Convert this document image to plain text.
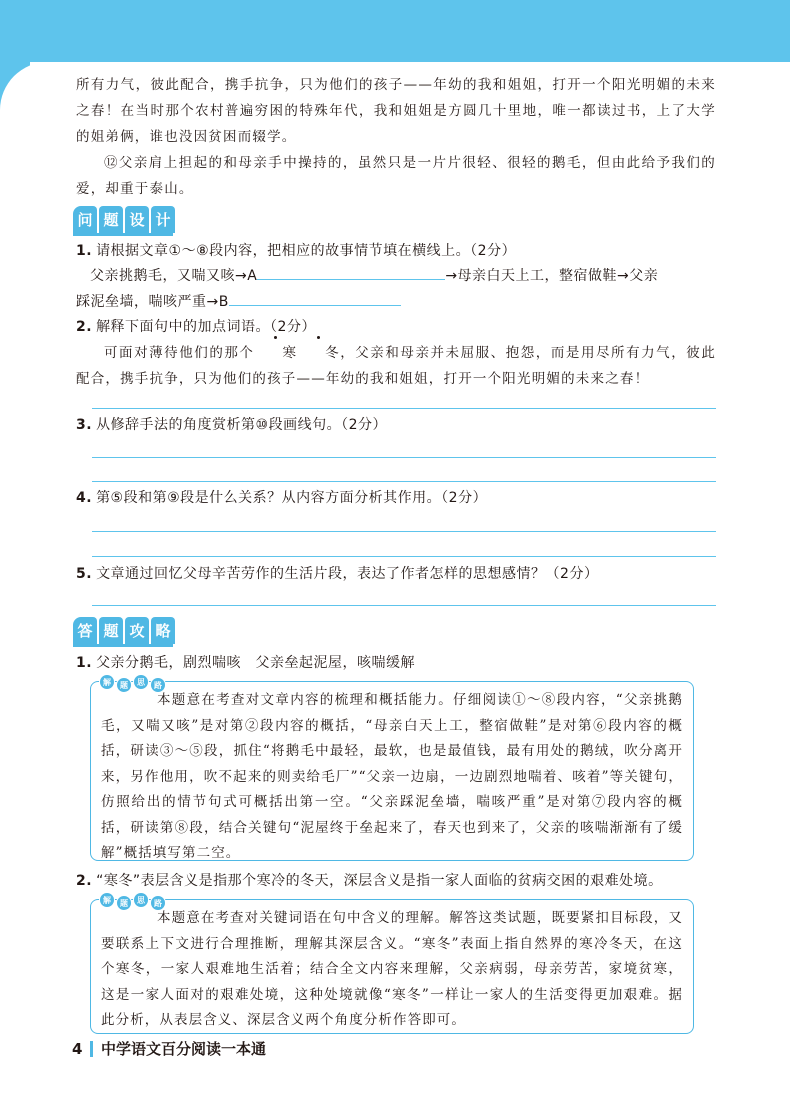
所有力气，彼此配合，携手抗争，只为他们的孩子——年幼的我和姐姐，打开一个阳光明媚的未来之春！在当时那个农村普遍穷困的特殊年代，我和姐姐是方圆几十里地，唯一都读过书，上了大学的姐弟俩，谁也没因贫困而辍学。
⑫父亲肩上担起的和母亲手中操持的，虽然只是一片片很轻、很轻的鹅毛，但由此给予我们的爱，却重于泰山。
问 题 设 计
1. 请根据文章①～⑧段内容，把相应的故事情节填在横线上。（2分）
父亲挑鹅毛，又喘又咳→A	→母亲白天上工，整宿做鞋→父亲
踩泥垒墙，喘咳严重→B
2. 解释下面句中的加点词语。（2分）
可面对薄待他们的那个 寒 冬，父亲和母亲并未屈服、抱怨，而是用尽所有力气，彼此配合，携手抗争，只为他们的孩子——年幼的我和姐姐，打开一个阳光明媚的未来之春！
3. 从修辞手法的角度赏析第⑩段画线句。（2分）
4. 第⑤段和第⑨段是什么关系？从内容方面分析其作用。（2分）
5. 文章通过回忆父母辛苦劳作的生活片段，表达了作者怎样的思想感情？（2分）
答 题 攻 略
1. 父亲分鹅毛，剧烈喘咳　父亲垒起泥屋，咳喘缓解
解	题	思	路
本题意在考查对文章内容的梳理和概括能力。仔细阅读①～⑧段内容，“父亲挑鹅毛，又喘又咳”是对第②段内容的概括，“母亲白天上工，整宿做鞋”是对第⑥段内容的概括，研读③～⑤段，抓住“将鹅毛中最轻，最软，也是最值钱，最有用处的鹅绒，吹分离开来，另作他用，吹不起来的则卖给毛厂”“父亲一边扇，一边剧烈地喘着、咳着”等关键句，仿照给出的情节句式可概括出第一空。“父亲踩泥垒墙，喘咳严重”是对第⑦段内容的概括，研读第⑧段，结合关键句“泥屋终于垒起来了，春天也到来了，父亲的咳喘渐渐有了缓解”概括填写第二空。
2. “寒冬”表层含义是指那个寒冷的冬天，深层含义是指一家人面临的贫病交困的艰难处境。
解	题	思	路
本题意在考查对关键词语在句中含义的理解。解答这类试题，既要紧扣目标段，又要联系上下文进行合理推断，理解其深层含义。“寒冬”表面上指自然界的寒冷冬天，在这个寒冬，一家人艰难地生活着；结合全文内容来理解，父亲病弱，母亲劳苦，家境贫寒，这是一家人面对的艰难处境，这种处境就像“寒冬”一样让一家人的生活变得更加艰难。据此分析，从表层含义、深层含义两个角度分析作答即可。
4 中学语文百分阅读一本通
